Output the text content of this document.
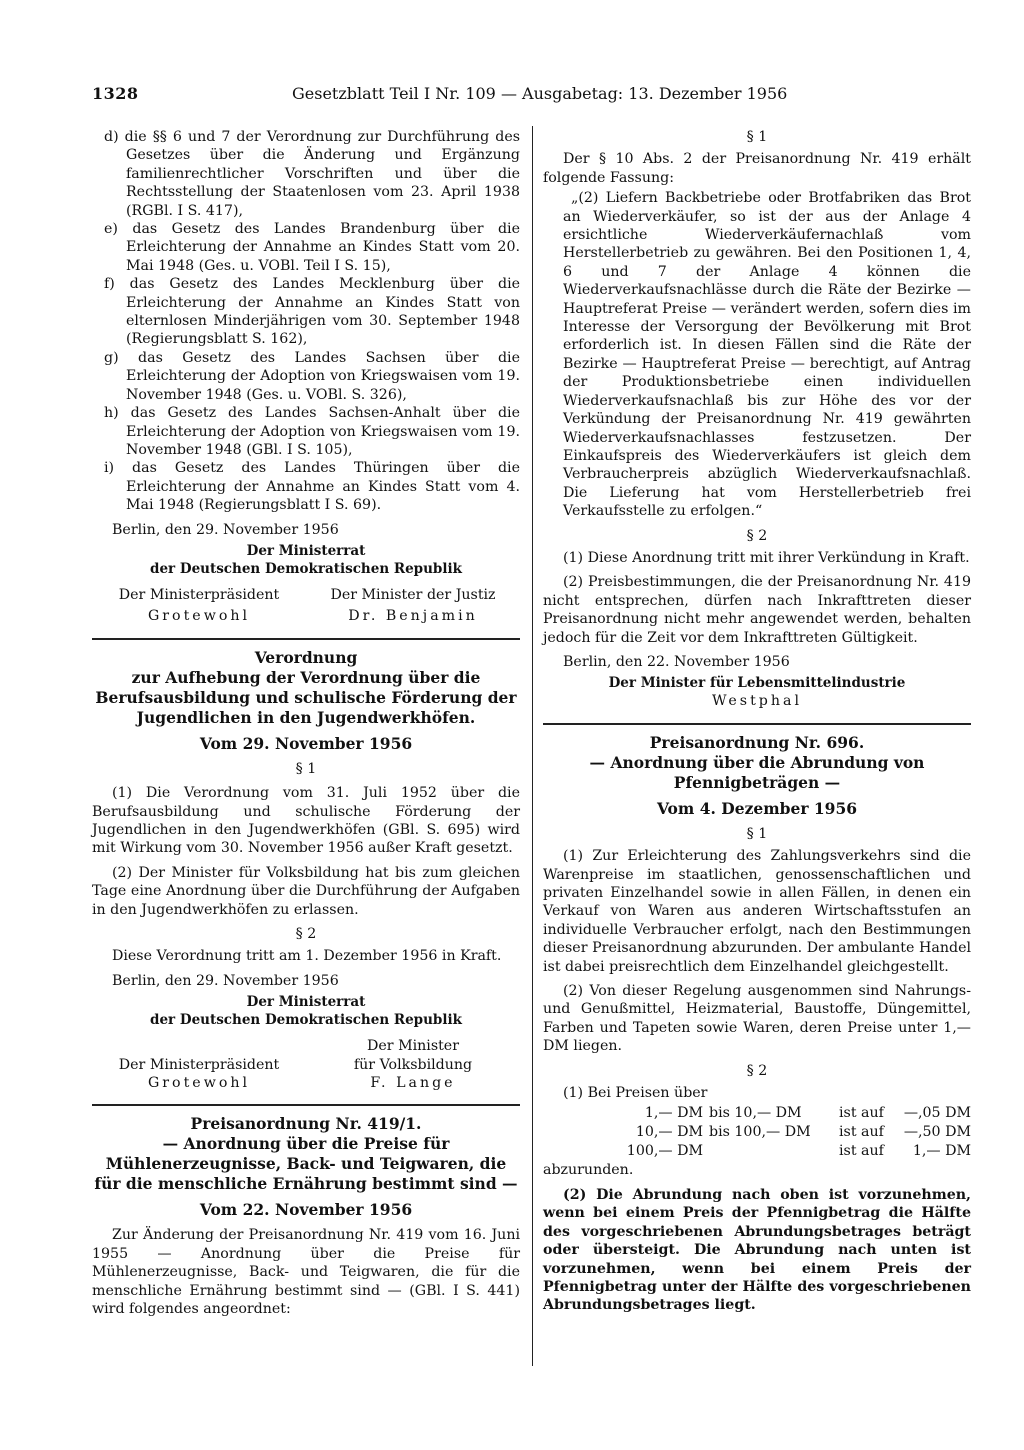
1328	Gesetzblatt Teil I Nr. 109 — Ausgabetag: 13. Dezember 1956

d) die §§ 6 und 7 der Verordnung zur Durchführung des Gesetzes über die Änderung und Ergänzung familienrechtlicher Vorschriften und über die Rechtsstellung der Staatenlosen vom 23. April 1938 (RGBl. I S. 417),

e) das Gesetz des Landes Brandenburg über die Erleichterung der Annahme an Kindes Statt vom 20. Mai 1948 (Ges. u. VOBl. Teil I S. 15),

f) das Gesetz des Landes Mecklenburg über die Erleichterung der Annahme an Kindes Statt von elternlosen Minderjährigen vom 30. September 1948 (Regierungsblatt S. 162),

g) das Gesetz des Landes Sachsen über die Erleichterung der Adoption von Kriegswaisen vom 19. November 1948 (Ges. u. VOBl. S. 326),

h) das Gesetz des Landes Sachsen-Anhalt über die Erleichterung der Adoption von Kriegswaisen vom 19. November 1948 (GBl. I S. 105),

i) das Gesetz des Landes Thüringen über die Erleichterung der Annahme an Kindes Statt vom 4. Mai 1948 (Regierungsblatt I S. 69).

Berlin, den 29. November 1956

Der Ministerrat

der Deutschen Demokratischen Republik

Der Ministerpräsident

Grotewohl

Der Minister der Justiz

Dr. Benjamin

Verordnung

zur Aufhebung der Verordnung über die Berufsausbildung und schulische Förderung der Jugendlichen in den Jugendwerkhöfen.

Vom 29. November 1956

§ 1

(1) Die Verordnung vom 31. Juli 1952 über die Berufsausbildung und schulische Förderung der Jugendlichen in den Jugendwerkhöfen (GBl. S. 695) wird mit Wirkung vom 30. November 1956 außer Kraft gesetzt.

(2) Der Minister für Volksbildung hat bis zum gleichen Tage eine Anordnung über die Durchführung der Aufgaben in den Jugendwerkhöfen zu erlassen.

§ 2

Diese Verordnung tritt am 1. Dezember 1956 in Kraft.

Berlin, den 29. November 1956

Der Ministerrat

der Deutschen Demokratischen Republik

Der Ministerpräsident

Grotewohl

Der Minister

für Volksbildung

F. Lange

Preisanordnung Nr. 419/1.

— Anordnung über die Preise für Mühlenerzeugnisse, Back- und Teigwaren, die für die menschliche Ernährung bestimmt sind —

Vom 22. November 1956

Zur Änderung der Preisanordnung Nr. 419 vom 16. Juni 1955 — Anordnung über die Preise für Mühlenerzeugnisse, Back- und Teigwaren, die für die menschliche Ernährung bestimmt sind — (GBl. I S. 441) wird folgendes angeordnet:

§ 1

Der § 10 Abs. 2 der Preisanordnung Nr. 419 erhält folgende Fassung:

„(2) Liefern Backbetriebe oder Brotfabriken das Brot an Wiederverkäufer, so ist der aus der Anlage 4 ersichtliche Wiederverkäufernachlaß vom Herstellerbetrieb zu gewähren. Bei den Positionen 1, 4, 6 und 7 der Anlage 4 können die Wiederverkaufsnachlässe durch die Räte der Bezirke — Hauptreferat Preise — verändert werden, sofern dies im Interesse der Versorgung der Bevölkerung mit Brot erforderlich ist. In diesen Fällen sind die Räte der Bezirke — Hauptreferat Preise — berechtigt, auf Antrag der Produktionsbetriebe einen individuellen Wiederverkaufsnachlaß bis zur Höhe des vor der Verkündung der Preisanordnung Nr. 419 gewährten Wiederverkaufsnachlasses festzusetzen. Der Einkaufspreis des Wiederverkäufers ist gleich dem Verbraucherpreis abzüglich Wiederverkaufsnachlaß. Die Lieferung hat vom Herstellerbetrieb frei Verkaufsstelle zu erfolgen.“

§ 2

(1) Diese Anordnung tritt mit ihrer Verkündung in Kraft.

(2) Preisbestimmungen, die der Preisanordnung Nr. 419 nicht entsprechen, dürfen nach Inkrafttreten dieser Preisanordnung nicht mehr angewendet werden, behalten jedoch für die Zeit vor dem Inkrafttreten Gültigkeit.

Berlin, den 22. November 1956

Der Minister für Lebensmittelindustrie

Westphal

Preisanordnung Nr. 696.

— Anordnung über die Abrundung von Pfennigbeträgen —

Vom 4. Dezember 1956

§ 1

(1) Zur Erleichterung des Zahlungsverkehrs sind die Warenpreise im staatlichen, genossenschaftlichen und privaten Einzelhandel sowie in allen Fällen, in denen ein Verkauf von Waren aus anderen Wirtschaftsstufen an individuelle Verbraucher erfolgt, nach den Bestimmungen dieser Preisanordnung abzurunden. Der ambulante Handel ist dabei preisrechtlich dem Einzelhandel gleichgestellt.

(2) Von dieser Regelung ausgenommen sind Nahrungs- und Genußmittel, Heizmaterial, Baustoffe, Düngemittel, Farben und Tapeten sowie Waren, deren Preise unter 1,— DM liegen.

§ 2

(1) Bei Preisen über

1,— DM bis 10,— DM	ist auf	—,05 DM
10,— DM bis 100,— DM	ist auf	—,50 DM
100,— DM	ist auf	1,— DM

abzurunden.

(2) Die Abrundung nach oben ist vorzunehmen, wenn bei einem Preis der Pfennigbetrag die Hälfte des vorgeschriebenen Abrundungsbetrages beträgt oder übersteigt. Die Abrundung nach unten ist vorzunehmen, wenn bei einem Preis der Pfennigbetrag unter der Hälfte des vorgeschriebenen Abrundungsbetrages liegt.
